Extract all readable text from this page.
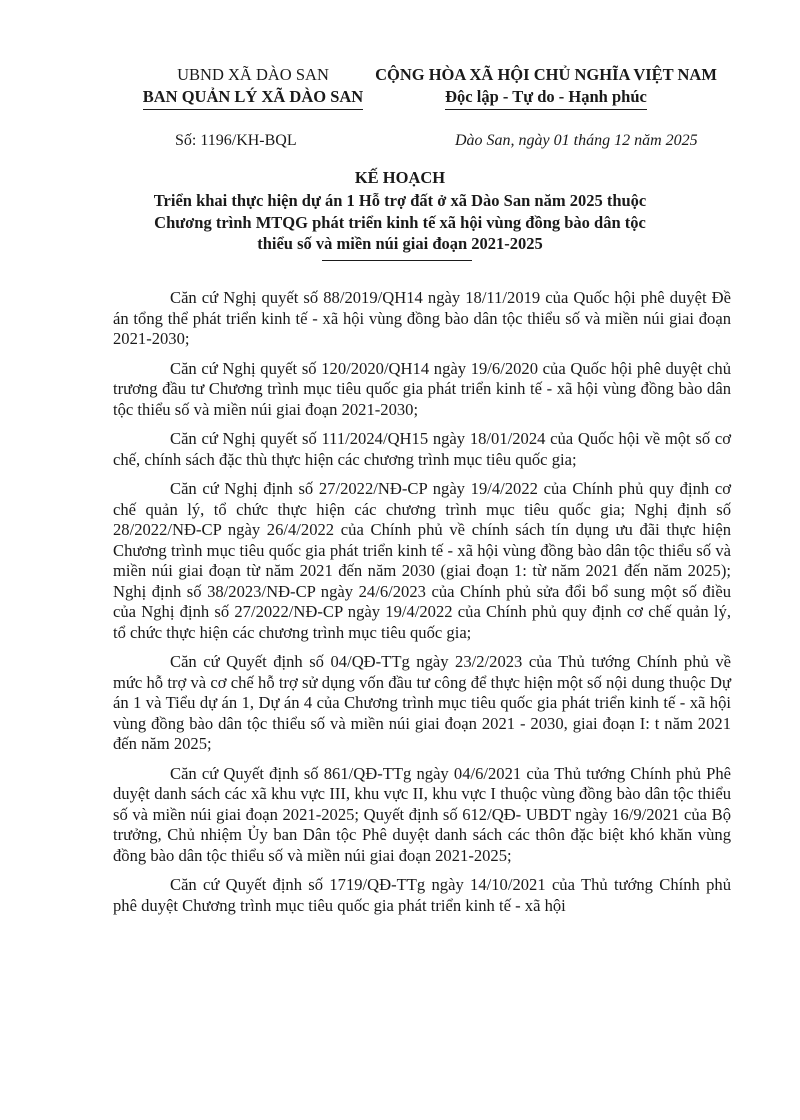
UBND XÃ DÀO SAN
BAN QUẢN LÝ XÃ DÀO SAN
CỘNG HÒA XÃ HỘI CHỦ NGHĨA VIỆT NAM
Độc lập - Tự do - Hạnh phúc
Số: 1196/KH-BQL	Dào San, ngày 01 tháng 12 năm 2025
KẾ HOẠCH
Triển khai thực hiện dự án 1 Hỗ trợ đất ở xã Dào San năm 2025 thuộc Chương trình MTQG phát triển kinh tế xã hội vùng đồng bào dân tộc thiểu số và miền núi giai đoạn 2021-2025

Căn cứ Nghị quyết số 88/2019/QH14 ngày 18/11/2019 của Quốc hội phê duyệt Đề án tổng thể phát triển kinh tế - xã hội vùng đồng bào dân tộc thiểu số và miền núi giai đoạn 2021-2030;

Căn cứ Nghị quyết số 120/2020/QH14 ngày 19/6/2020 của Quốc hội phê duyệt chủ trương đầu tư Chương trình mục tiêu quốc gia phát triển kinh tế - xã hội vùng đồng bào dân tộc thiểu số và miền núi giai đoạn 2021-2030;

Căn cứ Nghị quyết số 111/2024/QH15 ngày 18/01/2024 của Quốc hội về một số cơ chế, chính sách đặc thù thực hiện các chương trình mục tiêu quốc gia;

Căn cứ Nghị định số 27/2022/NĐ-CP ngày 19/4/2022 của Chính phủ quy định cơ chế quản lý, tổ chức thực hiện các chương trình mục tiêu quốc gia; Nghị định số 28/2022/NĐ-CP ngày 26/4/2022 của Chính phủ về chính sách tín dụng ưu đãi thực hiện Chương trình mục tiêu quốc gia phát triển kinh tế - xã hội vùng đồng bào dân tộc thiểu số và miền núi giai đoạn từ năm 2021 đến năm 2030 (giai đoạn 1: từ năm 2021 đến năm 2025); Nghị định số 38/2023/NĐ-CP ngày 24/6/2023 của Chính phủ sửa đổi bổ sung một số điều của Nghị định số 27/2022/NĐ-CP ngày 19/4/2022 của Chính phủ quy định cơ chế quản lý, tổ chức thực hiện các chương trình mục tiêu quốc gia;

Căn cứ Quyết định số 04/QĐ-TTg ngày 23/2/2023 của Thủ tướng Chính phủ về mức hỗ trợ và cơ chế hỗ trợ sử dụng vốn đầu tư công để thực hiện một số nội dung thuộc Dự án 1 và Tiểu dự án 1, Dự án 4 của Chương trình mục tiêu quốc gia phát triển kinh tế - xã hội vùng đồng bào dân tộc thiểu số và miền núi giai đoạn 2021 - 2030, giai đoạn I: t năm 2021 đến năm 2025;

Căn cứ Quyết định số 861/QĐ-TTg ngày 04/6/2021 của Thủ tướng Chính phủ Phê duyệt danh sách các xã khu vực III, khu vực II, khu vực I thuộc vùng đồng bào dân tộc thiểu số và miền núi giai đoạn 2021-2025; Quyết định số 612/QĐ- UBDT ngày 16/9/2021 của Bộ trưởng, Chủ nhiệm Ủy ban Dân tộc Phê duyệt danh sách các thôn đặc biệt khó khăn vùng đồng bào dân tộc thiểu số và miền núi giai đoạn 2021-2025;

Căn cứ Quyết định số 1719/QĐ-TTg ngày 14/10/2021 của Thủ tướng Chính phủ phê duyệt Chương trình mục tiêu quốc gia phát triển kinh tế - xã hội
